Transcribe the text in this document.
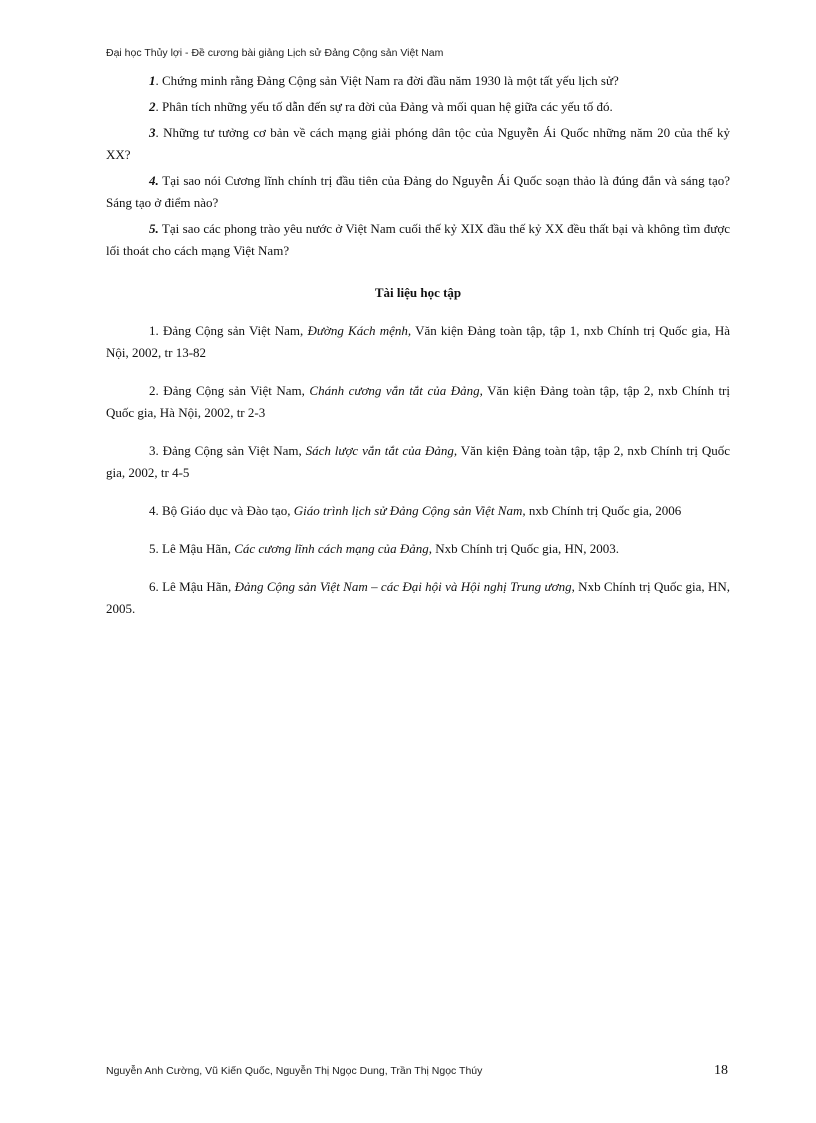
Đại học Thủy lợi - Đề cương bài giảng Lịch sử Đảng Cộng sản Việt Nam

1. Chứng minh rằng Đảng Cộng sản Việt Nam ra đời đầu năm 1930 là một tất yếu lịch sử?

2. Phân tích những yếu tố dẫn đến sự ra đời của Đảng và mối quan hệ giữa các yếu tố đó.

3. Những tư tưởng cơ bản về cách mạng giải phóng dân tộc của Nguyễn Ái Quốc những năm 20 của thế kỷ XX?

4. Tại sao nói Cương lĩnh chính trị đầu tiên của Đảng do Nguyễn Ái Quốc soạn thảo là đúng đắn và sáng tạo? Sáng tạo ở điểm nào?

5. Tại sao các phong trào yêu nước ở Việt Nam cuối thế kỷ XIX đầu thế kỷ XX đều thất bại và không tìm được lối thoát cho cách mạng Việt Nam?

Tài liệu học tập

1. Đảng Cộng sản Việt Nam, Đường Kách mệnh, Văn kiện Đảng toàn tập, tập 1, nxb Chính trị Quốc gia, Hà Nội, 2002, tr 13-82

2. Đảng Cộng sản Việt Nam, Chánh cương vắn tắt của Đảng, Văn kiện Đảng toàn tập, tập 2, nxb Chính trị Quốc gia, Hà Nội, 2002, tr 2-3

3. Đảng Cộng sản Việt Nam, Sách lược vắn tắt của Đảng, Văn kiện Đảng toàn tập, tập 2, nxb Chính trị Quốc gia, 2002, tr 4-5

4. Bộ Giáo dục và Đào tạo, Giáo trình lịch sử Đảng Cộng sản Việt Nam, nxb Chính trị Quốc gia, 2006

5. Lê Mậu Hãn, Các cương lĩnh cách mạng của Đảng, Nxb Chính trị Quốc gia, HN, 2003.

6. Lê Mậu Hãn, Đảng Cộng sản Việt Nam – các Đại hội và Hội nghị Trung ương, Nxb Chính trị Quốc gia, HN, 2005.

Nguyễn Anh Cường, Vũ Kiến Quốc, Nguyễn Thị Ngọc Dung, Trần Thị Ngọc Thúy	18
